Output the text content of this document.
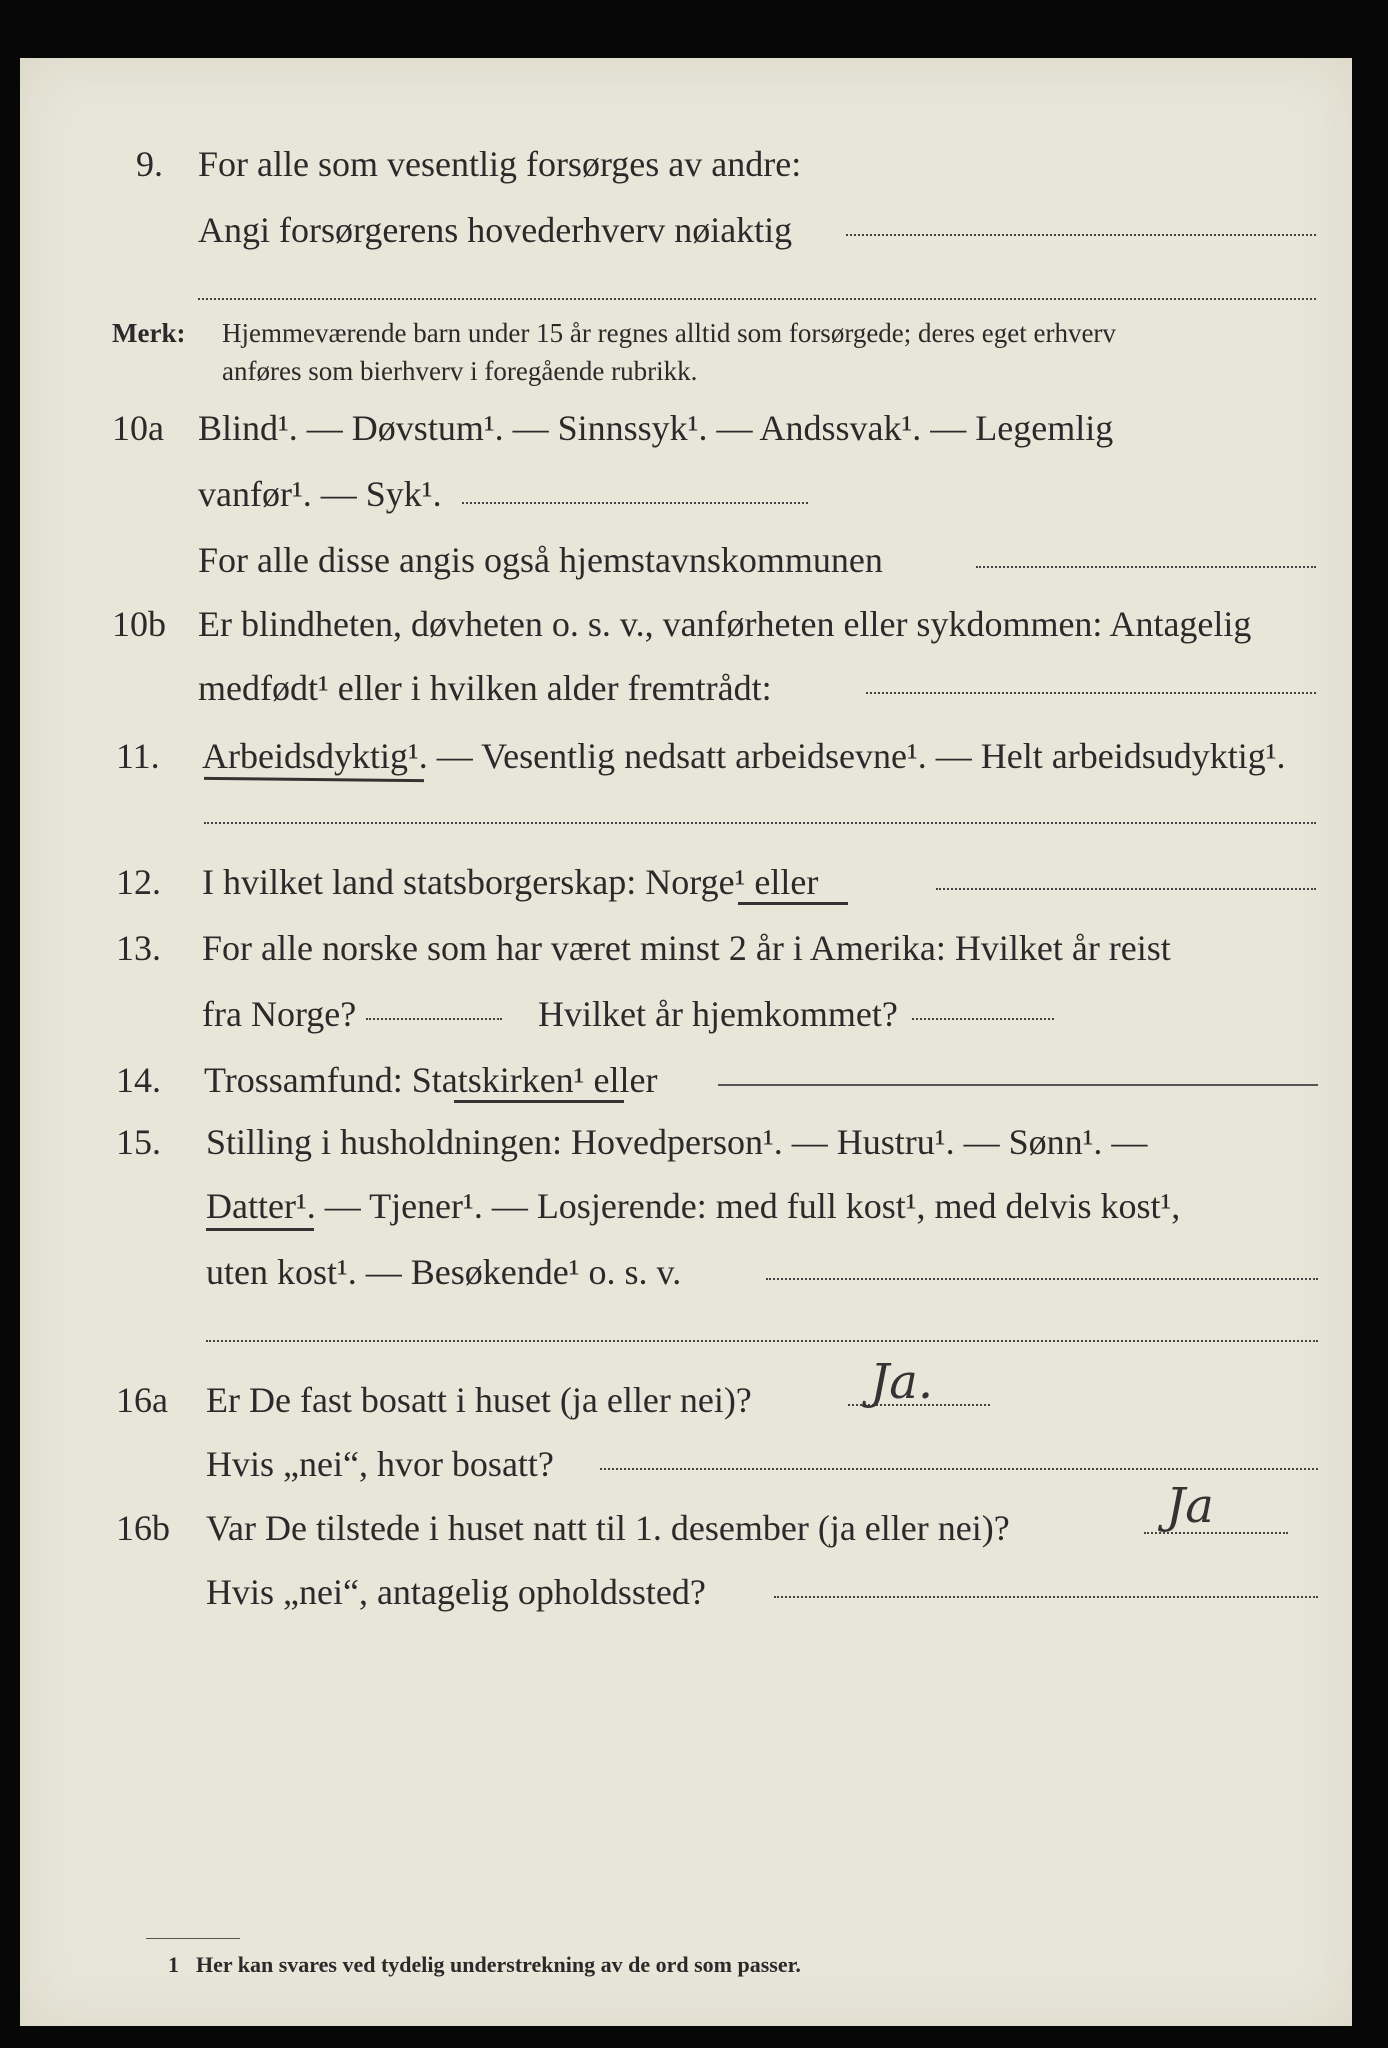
9. For alle som vesentlig forsørges av andre:
Angi forsørgerens hovederhverv nøiaktig
Merk: Hjemmeværende barn under 15 år regnes alltid som forsørgede; deres eget erhverv
anføres som bierhverv i foregående rubrikk.
10a Blind¹. — Døvstum¹. — Sinnssyk¹. — Andssvak¹. — Legemlig
vanfør¹. — Syk¹.
For alle disse angis også hjemstavnskommunen
10b Er blindheten, døvheten o. s. v., vanførheten eller sykdommen: Antagelig
medfødt¹ eller i hvilken alder fremtrådt:
11. Arbeidsdyktig¹. — Vesentlig nedsatt arbeidsevne¹. — Helt arbeidsudyktig¹.
12. I hvilket land statsborgerskap: Norge¹ eller
13. For alle norske som har været minst 2 år i Amerika: Hvilket år reist
fra Norge?	Hvilket år hjemkommet?
14. Trossamfund: Statskirken¹ eller
15. Stilling i husholdningen: Hovedperson¹. — Hustru¹. — Sønn¹. —
Datter¹. — Tjener¹. — Losjerende: med full kost¹, med delvis kost¹,
uten kost¹. — Besøkende¹ o. s. v.
16a Er De fast bosatt i huset (ja eller nei)? Ja.
Hvis „nei“, hvor bosatt?
16b Var De tilstede i huset natt til 1. desember (ja eller nei)?	Ja
Hvis „nei“, antagelig opholdssted?
1 Her kan svares ved tydelig understrekning av de ord som passer.
